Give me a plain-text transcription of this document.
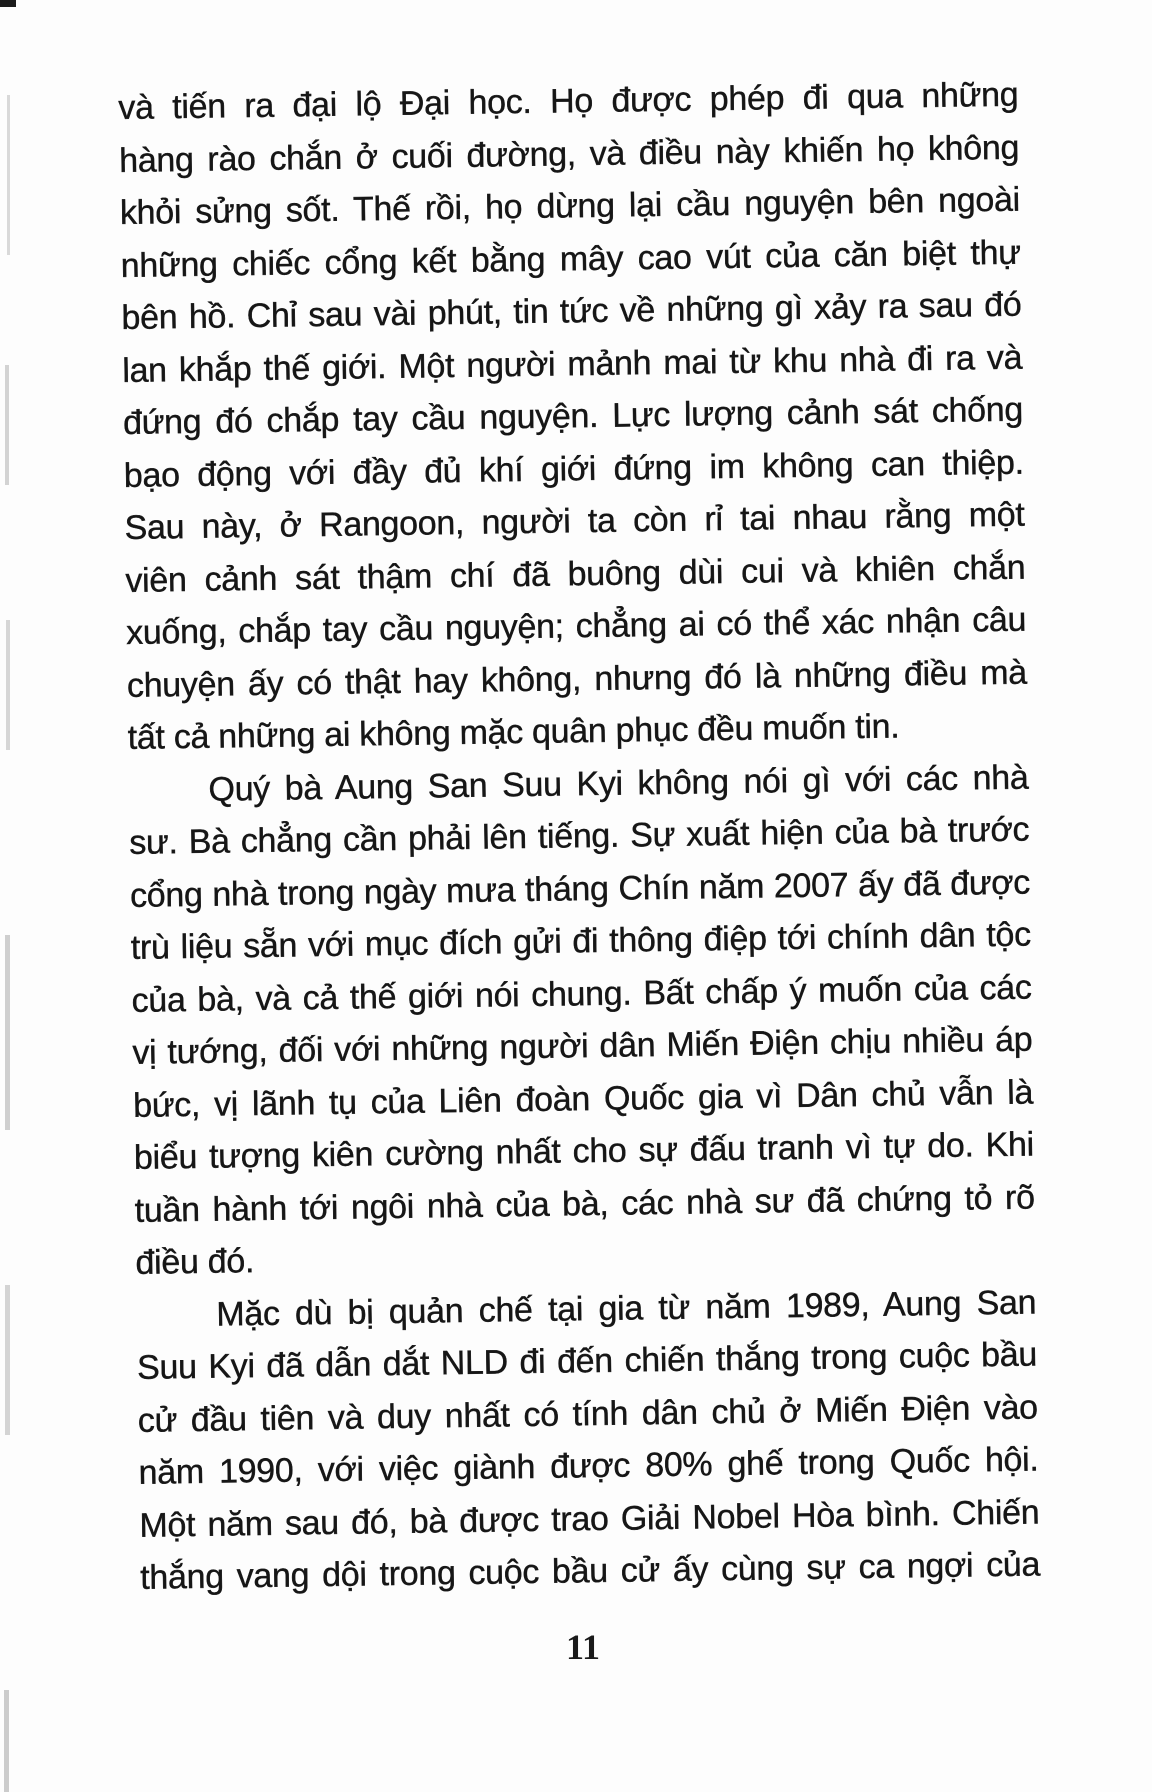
và tiến ra đại lộ Đại học. Họ được phép đi qua những
hàng rào chắn ở cuối đường, và điều này khiến họ không
khỏi sửng sốt. Thế rồi, họ dừng lại cầu nguyện bên ngoài
những chiếc cổng kết bằng mây cao vút của căn biệt thự
bên hồ. Chỉ sau vài phút, tin tức về những gì xảy ra sau đó
lan khắp thế giới. Một người mảnh mai từ khu nhà đi ra và
đứng đó chắp tay cầu nguyện. Lực lượng cảnh sát chống
bạo động với đầy đủ khí giới đứng im không can thiệp.
Sau này, ở Rangoon, người ta còn rỉ tai nhau rằng một
viên cảnh sát thậm chí đã buông dùi cui và khiên chắn
xuống, chắp tay cầu nguyện; chẳng ai có thể xác nhận câu
chuyện ấy có thật hay không, nhưng đó là những điều mà
tất cả những ai không mặc quân phục đều muốn tin.
Quý bà Aung San Suu Kyi không nói gì với các nhà
sư. Bà chẳng cần phải lên tiếng. Sự xuất hiện của bà trước
cổng nhà trong ngày mưa tháng Chín năm 2007 ấy đã được
trù liệu sẵn với mục đích gửi đi thông điệp tới chính dân tộc
của bà, và cả thế giới nói chung. Bất chấp ý muốn của các
vị tướng, đối với những người dân Miến Điện chịu nhiều áp
bức, vị lãnh tụ của Liên đoàn Quốc gia vì Dân chủ vẫn là
biểu tượng kiên cường nhất cho sự đấu tranh vì tự do. Khi
tuần hành tới ngôi nhà của bà, các nhà sư đã chứng tỏ rõ
điều đó.
Mặc dù bị quản chế tại gia từ năm 1989, Aung San
Suu Kyi đã dẫn dắt NLD đi đến chiến thắng trong cuộc bầu
cử đầu tiên và duy nhất có tính dân chủ ở Miến Điện vào
năm 1990, với việc giành được 80% ghế trong Quốc hội.
Một năm sau đó, bà được trao Giải Nobel Hòa bình. Chiến
thắng vang dội trong cuộc bầu cử ấy cùng sự ca ngợi của
11
